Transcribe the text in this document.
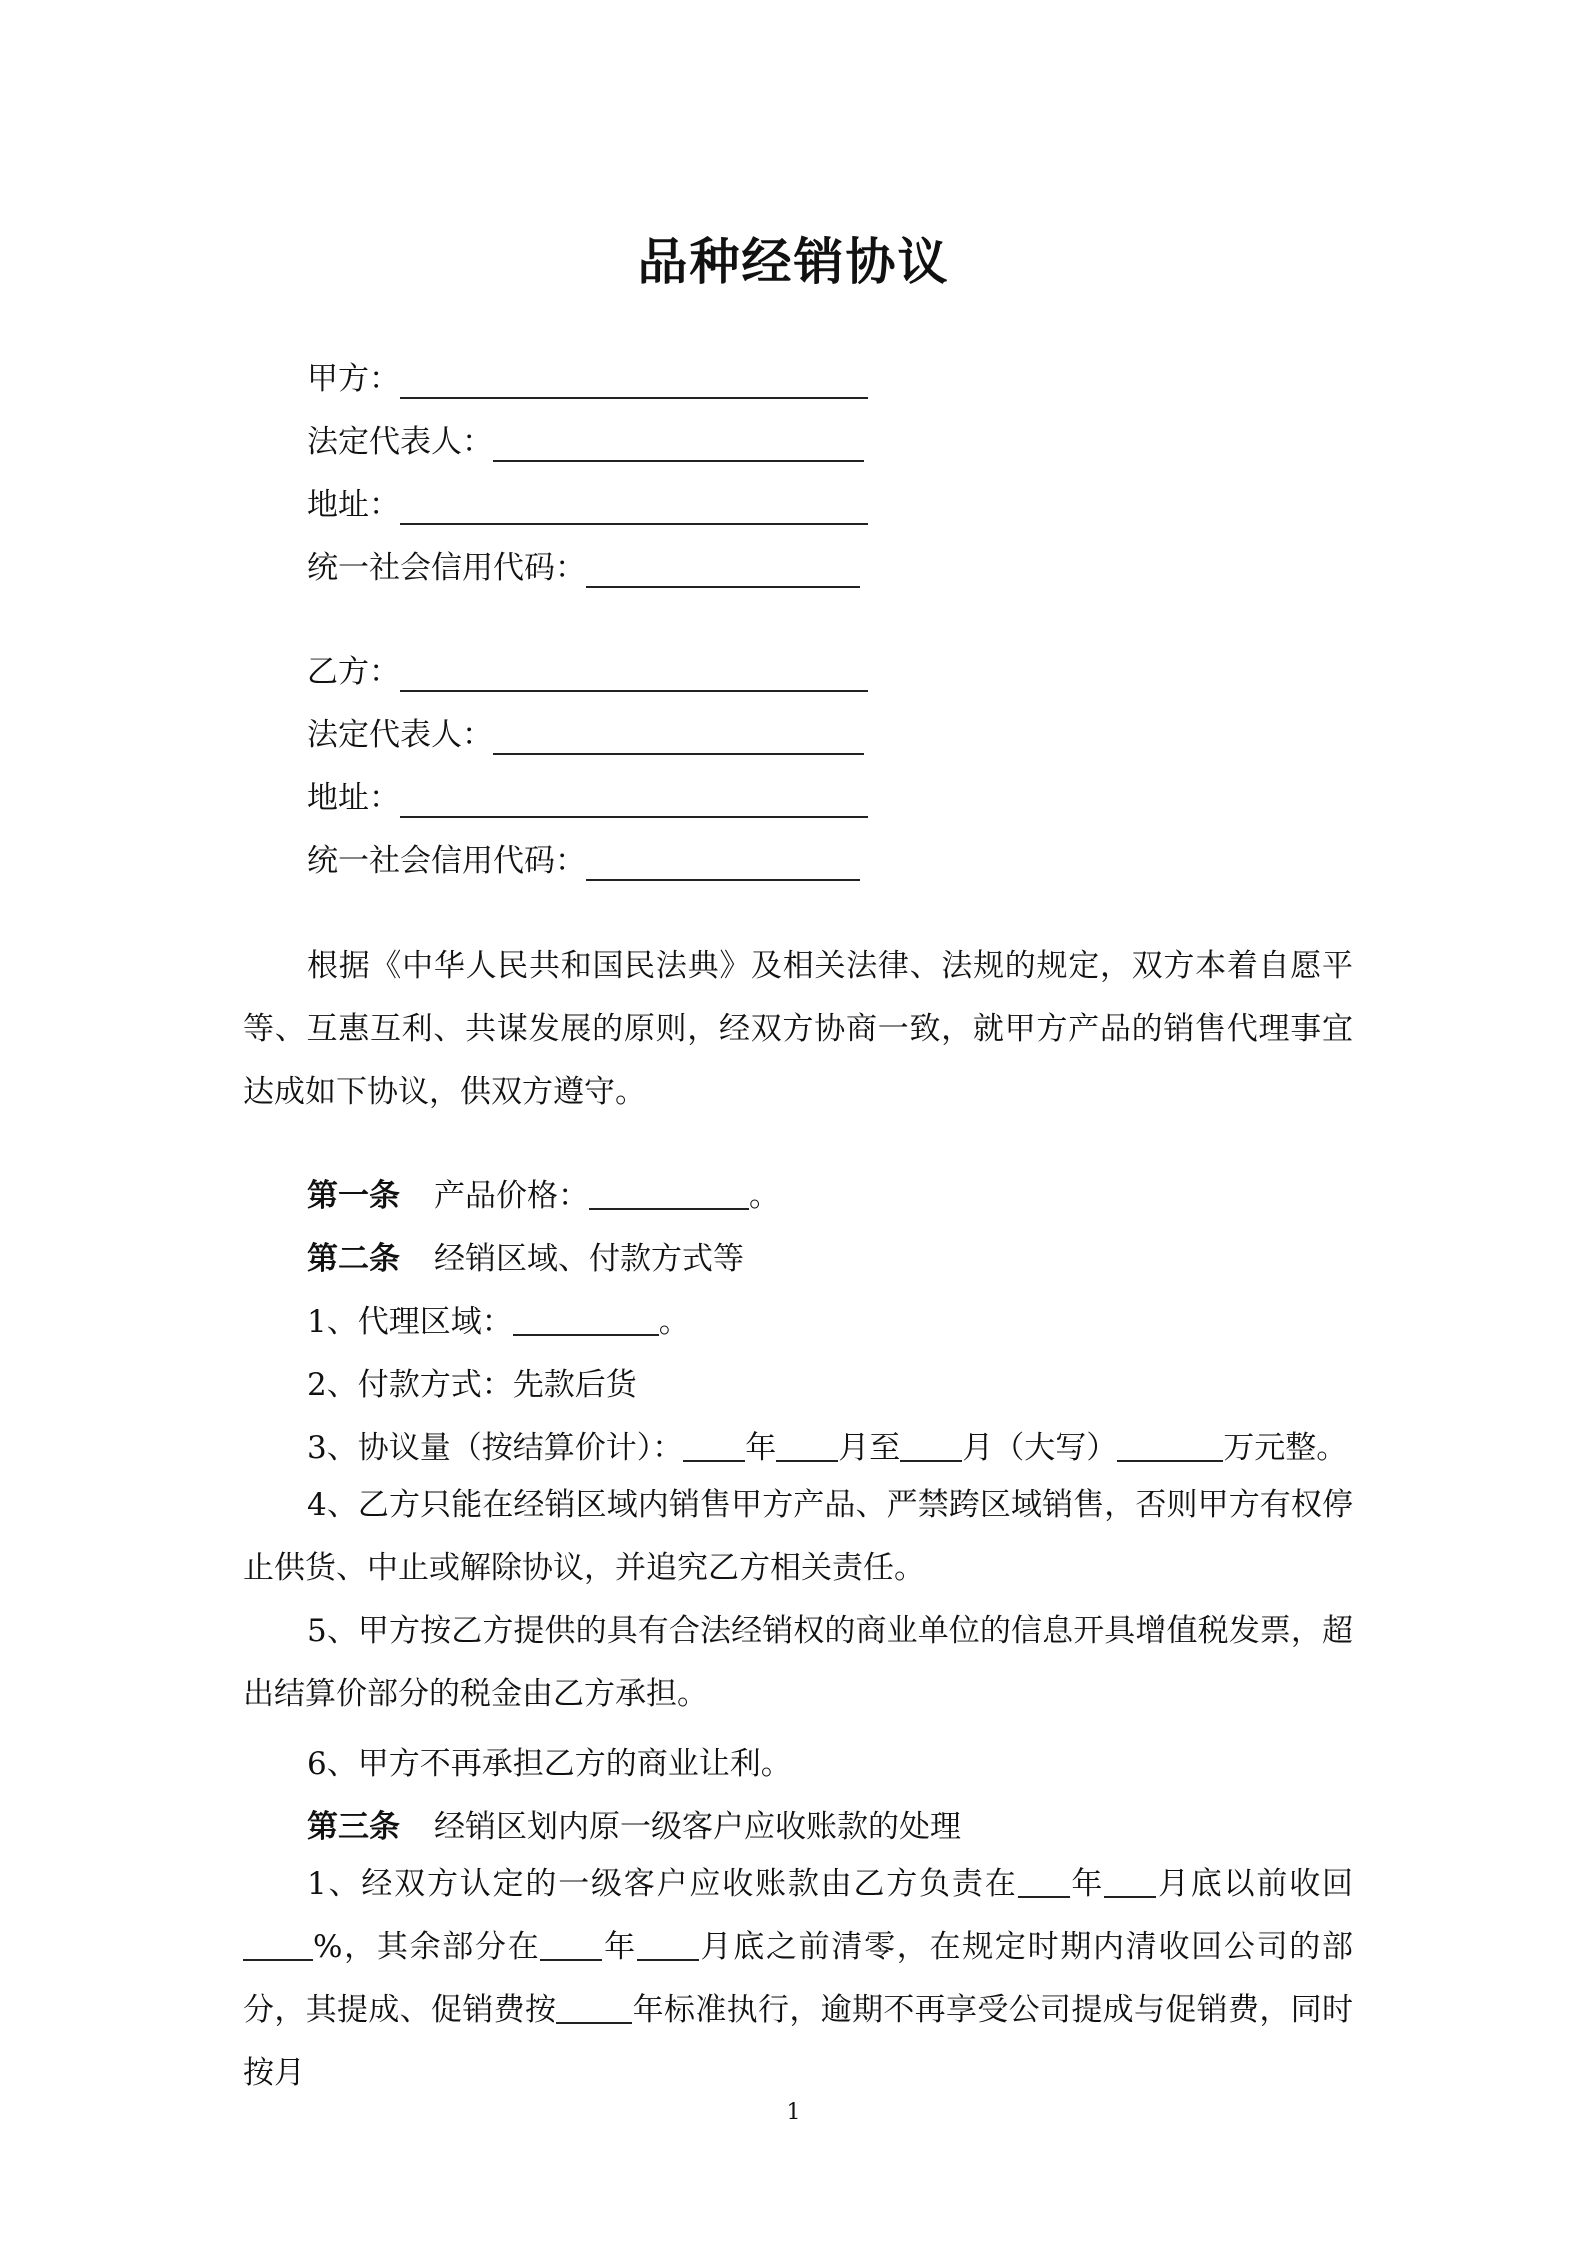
品种经销协议
甲方：
法定代表人：
地址：
统一社会信用代码：
乙方：
法定代表人：
地址：
统一社会信用代码：

根据《中华人民共和国民法典》及相关法律、法规的规定，双方本着自愿平等、互惠互利、共谋发展的原则，经双方协商一致，就甲方产品的销售代理事宜达成如下协议，供双方遵守。

第一条 产品价格：	。
第二条 经销区域、付款方式等
1、代理区域：	。
2、付款方式：先款后货
3、协议量（按结算价计）： 年 月至 月（大写）	万元整。

4、乙方只能在经销区域内销售甲方产品、严禁跨区域销售，否则甲方有权停止供货、中止或解除协议，并追究乙方相关责任。

5、甲方按乙方提供的具有合法经销权的商业单位的信息开具增值税发票，超出结算价部分的税金由乙方承担。

6、甲方不再承担乙方的商业让利。
第三条 经销区划内原一级客户应收账款的处理

1、经双方认定的一级客户应收账款由乙方负责在 年 月底以前收回%，其余部分在 年 月底之前清零，在规定时期内清收回公司的部分，其提成、促销费按 年标准执行，逾期不再享受公司提成与促销费，同时按月

1
